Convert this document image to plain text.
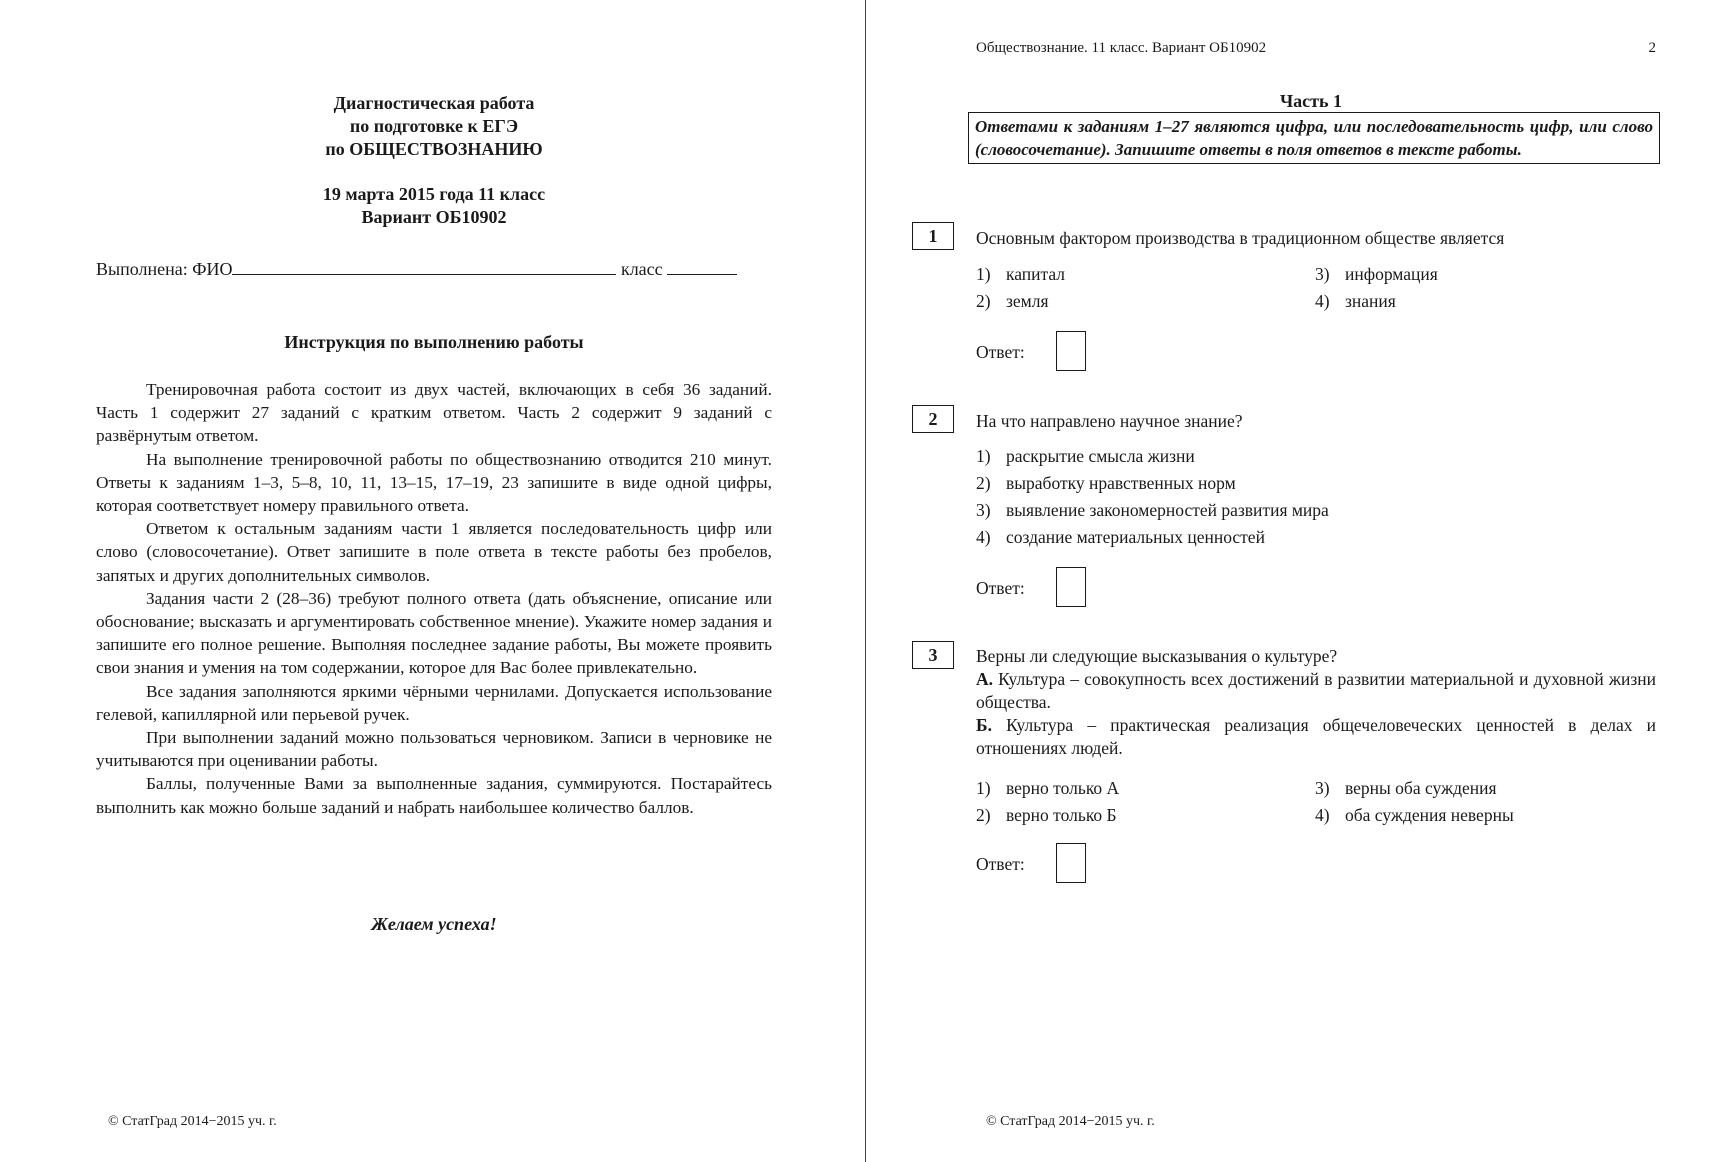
Диагностическая работа
по подготовке к ЕГЭ
по ОБЩЕСТВОЗНАНИЮ
19 марта 2015 года 11 класс
Вариант ОБ10902
Выполнена: ФИО	класс
Инструкция по выполнению работы

Тренировочная работа состоит из двух частей, включающих в себя 36 заданий. Часть 1 содержит 27 заданий с кратким ответом. Часть 2 содержит 9 заданий с развёрнутым ответом.

На выполнение тренировочной работы по обществознанию отводится 210 минут. Ответы к заданиям 1–3, 5–8, 10, 11, 13–15, 17–19, 23 запишите в виде одной цифры, которая соответствует номеру правильного ответа.

Ответом к остальным заданиям части 1 является последовательность цифр или слово (словосочетание). Ответ запишите в поле ответа в тексте работы без пробелов, запятых и других дополнительных символов.

Задания части 2 (28–36) требуют полного ответа (дать объяснение, описание или обоснование; высказать и аргументировать собственное мнение). Укажите номер задания и запишите его полное решение. Выполняя последнее задание работы, Вы можете проявить свои знания и умения на том содержании, которое для Вас более привлекательно.

Все задания заполняются яркими чёрными чернилами. Допускается использование гелевой, капиллярной или перьевой ручек.

При выполнении заданий можно пользоваться черновиком. Записи в черновике не учитываются при оценивании работы.

Баллы, полученные Вами за выполненные задания, суммируются. Постарайтесь выполнить как можно больше заданий и набрать наибольшее количество баллов.

Желаем успеха!
© СтатГрад 2014−2015 уч. г.
Обществознание. 11 класс. Вариант ОБ10902	2
Часть 1
Ответами к заданиям 1–27 являются цифра, или последовательность цифр, или слово (словосочетание). Запишите ответы в поля ответов в тексте работы.
1	Основным фактором производства в традиционном обществе является
1) капитал
2) земля
3) информация
4) знания
Ответ:
2	На что направлено научное знание?
1) раскрытие смысла жизни
2) выработку нравственных норм
3) выявление закономерностей развития мира
4) создание материальных ценностей
Ответ:
3	Верны ли следующие высказывания о культуре?
А. Культура – совокупность всех достижений в развитии материальной и духовной жизни общества.
Б. Культура – практическая реализация общечеловеческих ценностей в делах и отношениях людей.
1) верно только А
2) верно только Б
3) верны оба суждения
4) оба суждения неверны
Ответ:
© СтатГрад 2014−2015 уч. г.
